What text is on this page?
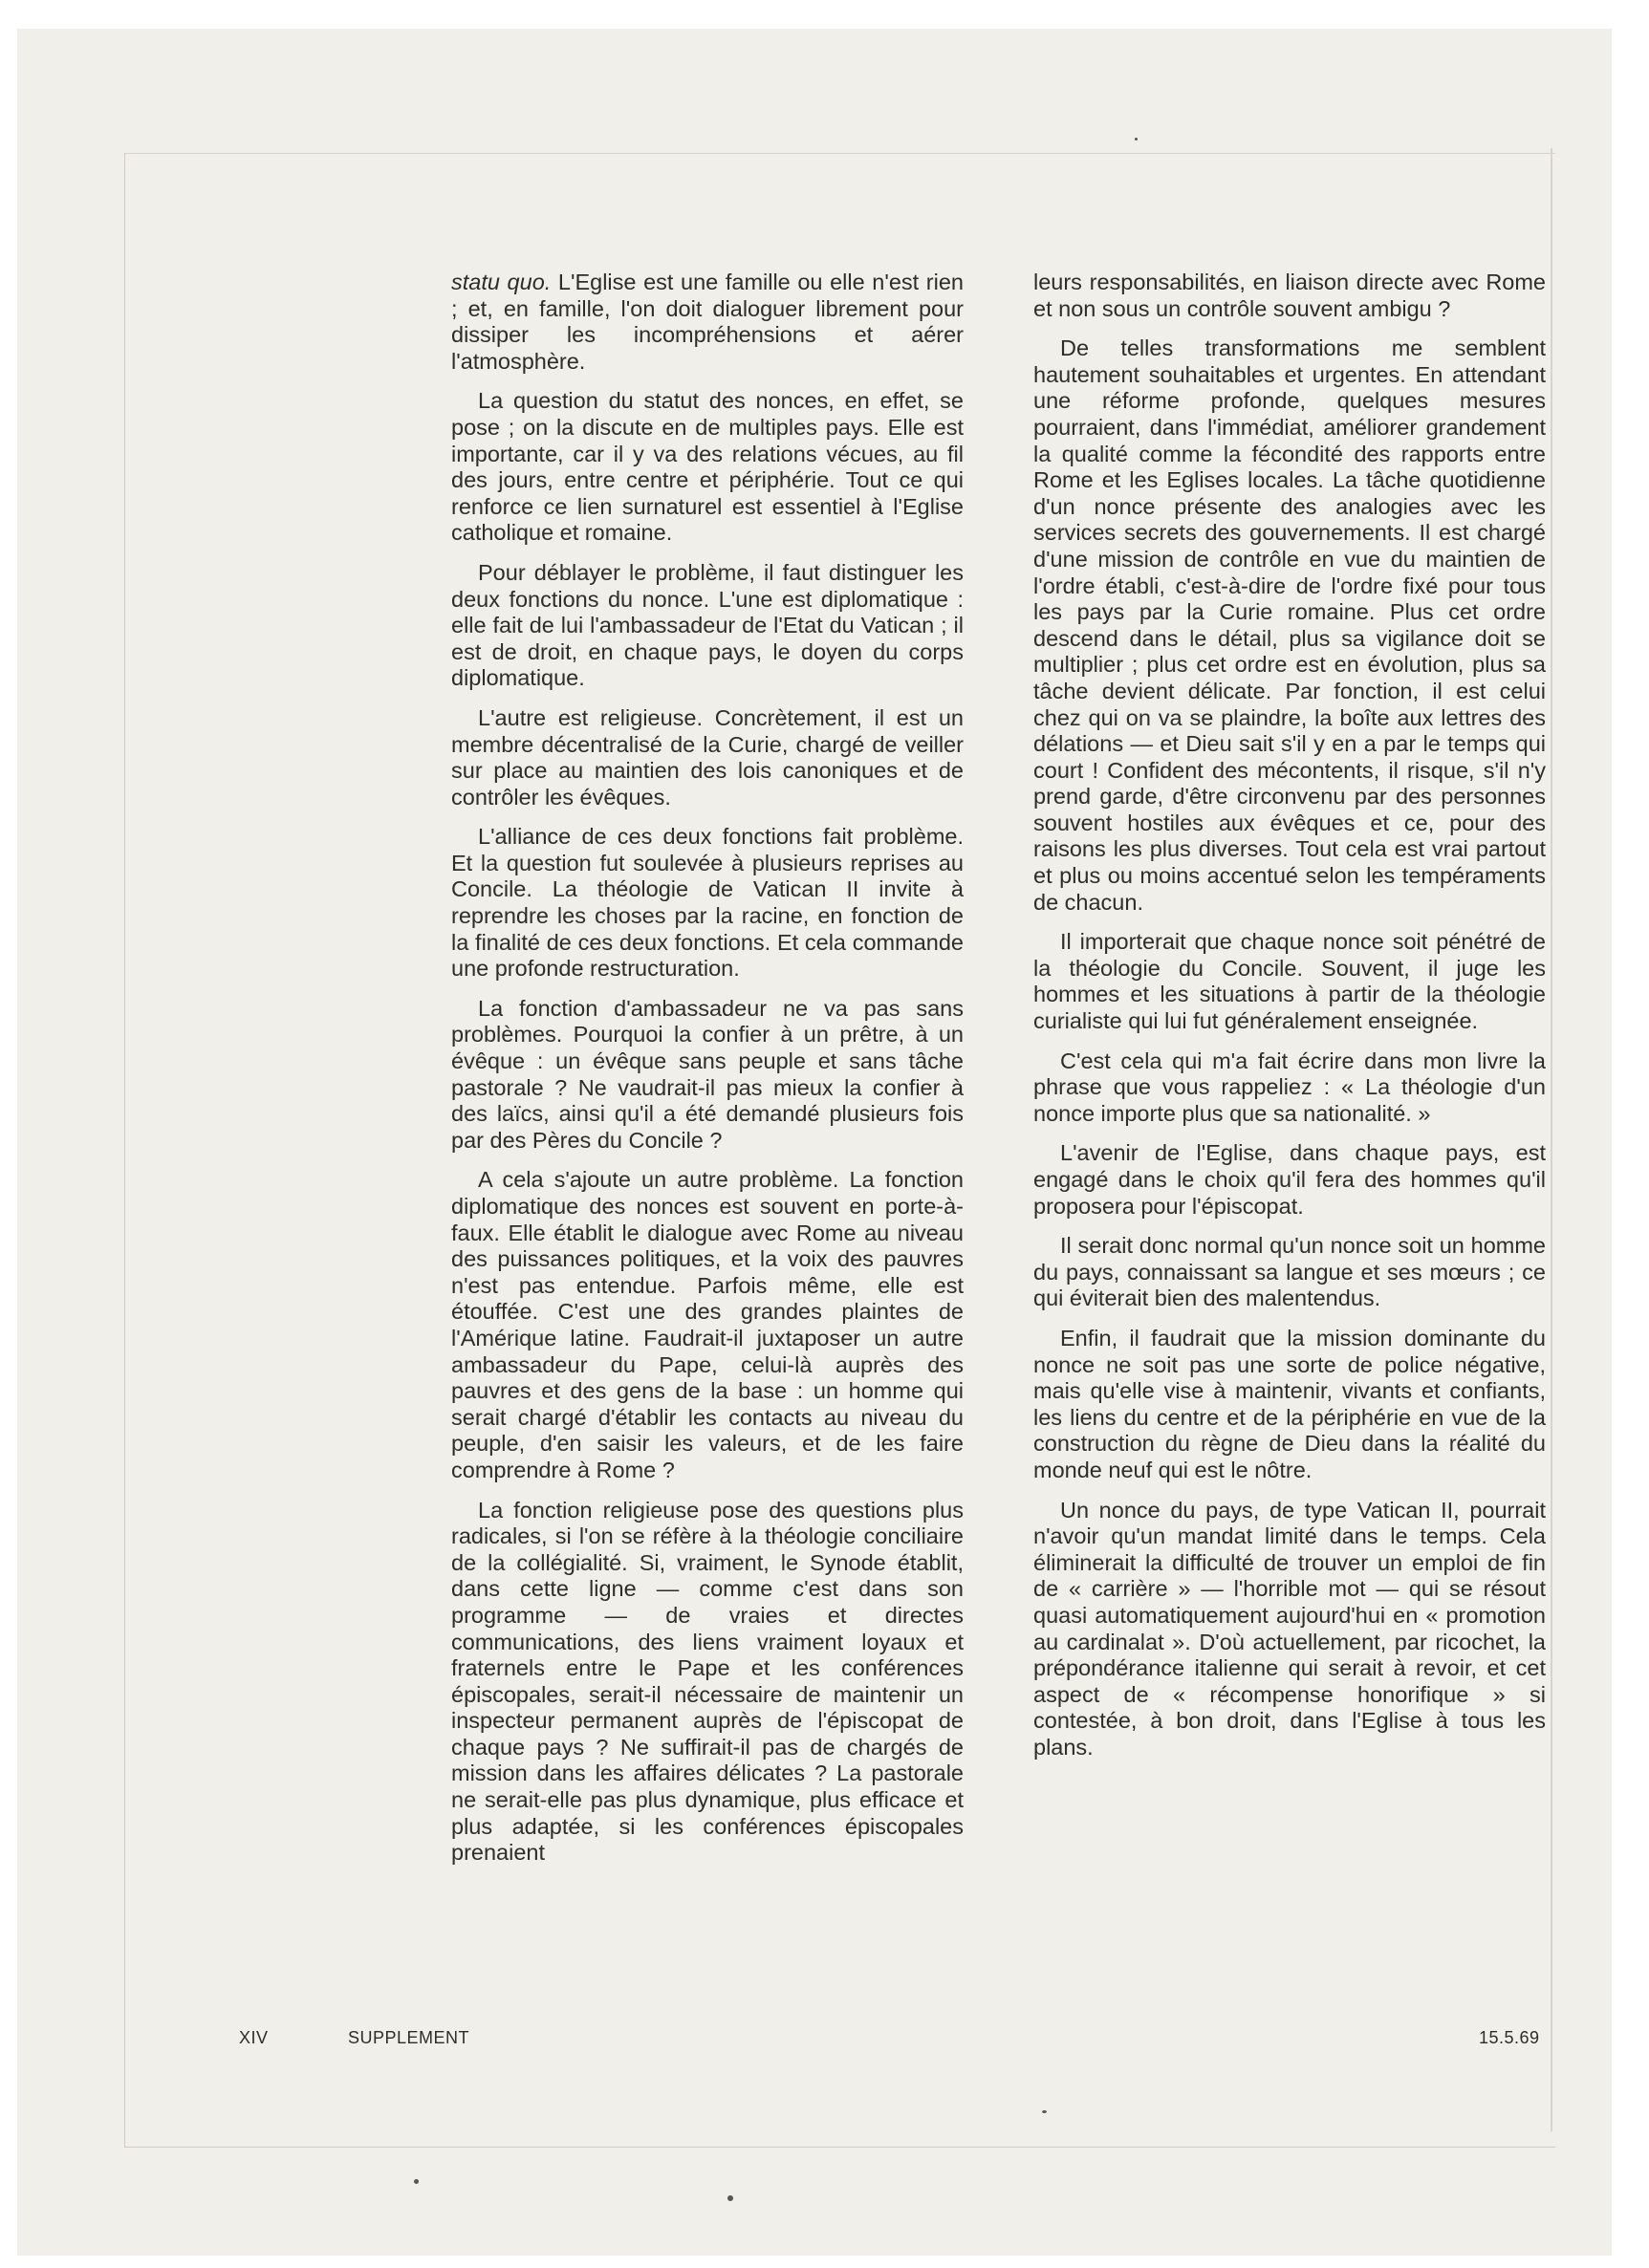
statu quo. L'Eglise est une famille ou elle n'est rien ; et, en famille, l'on doit dialoguer librement pour dissiper les incompréhensions et aérer l'atmosphère.

La question du statut des nonces, en effet, se pose ; on la discute en de multiples pays. Elle est importante, car il y va des relations vécues, au fil des jours, entre centre et périphérie. Tout ce qui renforce ce lien surnaturel est essentiel à l'Eglise catholique et romaine.

Pour déblayer le problème, il faut distinguer les deux fonctions du nonce. L'une est diplomatique : elle fait de lui l'ambassadeur de l'Etat du Vatican ; il est de droit, en chaque pays, le doyen du corps diplomatique.

L'autre est religieuse. Concrètement, il est un membre décentralisé de la Curie, chargé de veiller sur place au maintien des lois canoniques et de contrôler les évêques.

L'alliance de ces deux fonctions fait problème. Et la question fut soulevée à plusieurs reprises au Concile. La théologie de Vatican II invite à reprendre les choses par la racine, en fonction de la finalité de ces deux fonctions. Et cela commande une profonde restructuration.

La fonction d'ambassadeur ne va pas sans problèmes. Pourquoi la confier à un prêtre, à un évêque : un évêque sans peuple et sans tâche pastorale ? Ne vaudrait-il pas mieux la confier à des laïcs, ainsi qu'il a été demandé plusieurs fois par des Pères du Concile ?

A cela s'ajoute un autre problème. La fonction diplomatique des nonces est souvent en porte-à-faux. Elle établit le dialogue avec Rome au niveau des puissances politiques, et la voix des pauvres n'est pas entendue. Parfois même, elle est étouffée. C'est une des grandes plaintes de l'Amérique latine. Faudrait-il juxtaposer un autre ambassadeur du Pape, celui-là auprès des pauvres et des gens de la base : un homme qui serait chargé d'établir les contacts au niveau du peuple, d'en saisir les valeurs, et de les faire comprendre à Rome ?

La fonction religieuse pose des questions plus radicales, si l'on se réfère à la théologie conciliaire de la collégialité. Si, vraiment, le Synode établit, dans cette ligne — comme c'est dans son programme — de vraies et directes communications, des liens vraiment loyaux et fraternels entre le Pape et les conférences épiscopales, serait-il nécessaire de maintenir un inspecteur permanent auprès de l'épiscopat de chaque pays ? Ne suffirait-il pas de chargés de mission dans les affaires délicates ? La pastorale ne serait-elle pas plus dynamique, plus efficace et plus adaptée, si les conférences épiscopales prenaient

leurs responsabilités, en liaison directe avec Rome et non sous un contrôle souvent ambigu ?

De telles transformations me semblent hautement souhaitables et urgentes. En attendant une réforme profonde, quelques mesures pourraient, dans l'immédiat, améliorer grandement la qualité comme la fécondité des rapports entre Rome et les Eglises locales. La tâche quotidienne d'un nonce présente des analogies avec les services secrets des gouvernements. Il est chargé d'une mission de contrôle en vue du maintien de l'ordre établi, c'est-à-dire de l'ordre fixé pour tous les pays par la Curie romaine. Plus cet ordre descend dans le détail, plus sa vigilance doit se multiplier ; plus cet ordre est en évolution, plus sa tâche devient délicate. Par fonction, il est celui chez qui on va se plaindre, la boîte aux lettres des délations — et Dieu sait s'il y en a par le temps qui court ! Confident des mécontents, il risque, s'il n'y prend garde, d'être circonvenu par des personnes souvent hostiles aux évêques et ce, pour des raisons les plus diverses. Tout cela est vrai partout et plus ou moins accentué selon les tempéraments de chacun.

Il importerait que chaque nonce soit pénétré de la théologie du Concile. Souvent, il juge les hommes et les situations à partir de la théologie curialiste qui lui fut généralement enseignée.

C'est cela qui m'a fait écrire dans mon livre la phrase que vous rappeliez : « La théologie d'un nonce importe plus que sa nationalité. »

L'avenir de l'Eglise, dans chaque pays, est engagé dans le choix qu'il fera des hommes qu'il proposera pour l'épiscopat.

Il serait donc normal qu'un nonce soit un homme du pays, connaissant sa langue et ses mœurs ; ce qui éviterait bien des malentendus.

Enfin, il faudrait que la mission dominante du nonce ne soit pas une sorte de police négative, mais qu'elle vise à maintenir, vivants et confiants, les liens du centre et de la périphérie en vue de la construction du règne de Dieu dans la réalité du monde neuf qui est le nôtre.

Un nonce du pays, de type Vatican II, pourrait n'avoir qu'un mandat limité dans le temps. Cela éliminerait la difficulté de trouver un emploi de fin de « carrière » — l'horrible mot — qui se résout quasi automatiquement aujourd'hui en « promotion au cardinalat ». D'où actuellement, par ricochet, la prépondérance italienne qui serait à revoir, et cet aspect de « récompense honorifique » si contestée, à bon droit, dans l'Eglise à tous les plans.

XIV	SUPPLEMENT	15.5.69
